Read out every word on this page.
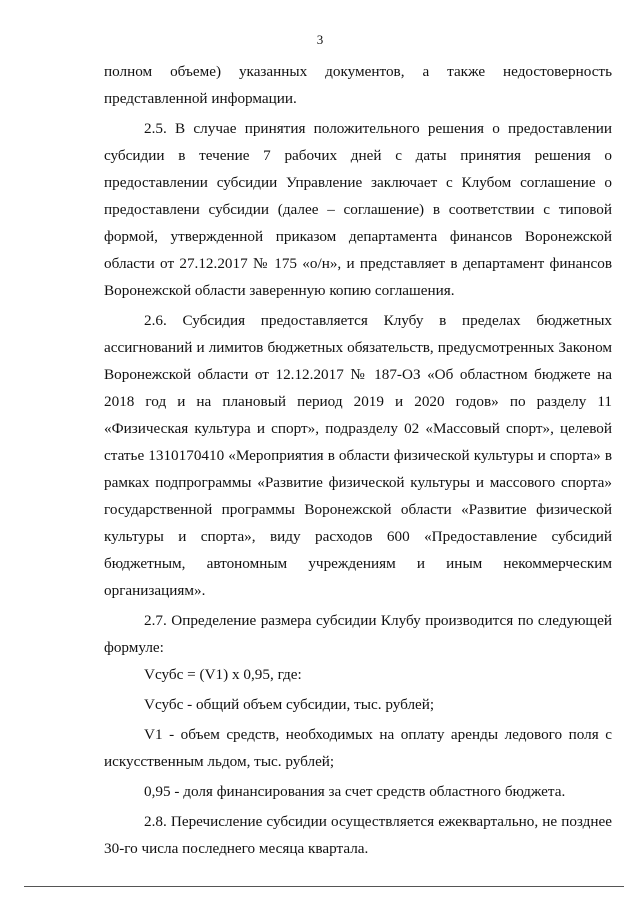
3

полном объеме) указанных документов, а также недостоверность представленной информации.

2.5. В случае принятия положительного решения о предоставлении субсидии в течение 7 рабочих дней с даты принятия решения о предоставлении субсидии Управление заключает с Клубом соглашение о предоставлени субсидии (далее – соглашение) в соответствии с типовой формой, утвержденной приказом департамента финансов Воронежской области от 27.12.2017 № 175 «о/н», и представляет в департамент финансов Воронежской области заверенную копию соглашения.

2.6. Субсидия предоставляется Клубу в пределах бюджетных ассигнований и лимитов бюджетных обязательств, предусмотренных Законом Воронежской области от 12.12.2017 № 187-ОЗ «Об областном бюджете на 2018 год и на плановый период 2019 и 2020 годов» по разделу 11 «Физическая культура и спорт», подразделу 02 «Массовый спорт», целевой статье 1310170410 «Мероприятия в области физической культуры и спорта» в рамках подпрограммы «Развитие физической культуры и массового спорта» государственной программы Воронежской области «Развитие физической культуры и спорта», виду расходов 600 «Предоставление субсидий бюджетным, автономным учреждениям и иным некоммерческим организациям».

2.7. Определение размера субсидии Клубу производится по следующей формуле:

Vсубс = (V1) х 0,95, где:

Vсубс - общий объем субсидии, тыс. рублей;

V1 - объем средств, необходимых на оплату аренды ледового поля с искусственным льдом, тыс. рублей;

0,95 - доля финансирования за счет средств областного бюджета.

2.8. Перечисление субсидии осуществляется ежеквартально, не позднее 30-го числа последнего месяца квартала.
